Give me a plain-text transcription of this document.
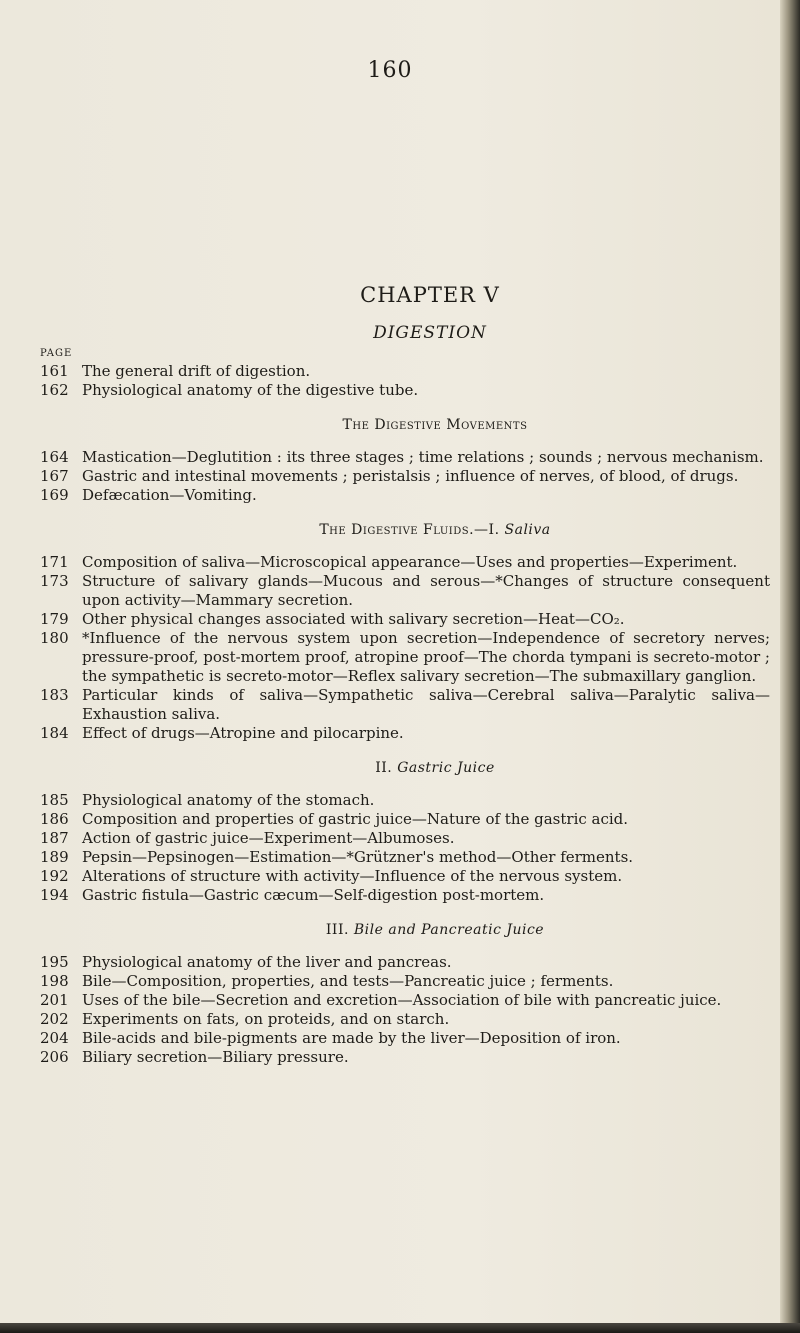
160
CHAPTER V
DIGESTION
PAGE
161 The general drift of digestion.
162 Physiological anatomy of the digestive tube.
The Digestive Movements
164 Mastication—Deglutition : its three stages ; time relations ; sounds ; nervous mechanism.
167 Gastric and intestinal movements ; peristalsis ; influence of nerves, of blood, of drugs.
169 Defæcation—Vomiting.
The Digestive Fluids.—I. Saliva
171 Composition of saliva—Microscopical appearance—Uses and properties—Experiment.
173 Structure of salivary glands—Mucous and serous—*Changes of structure consequent upon activity—Mammary secretion.
179 Other physical changes associated with salivary secretion—Heat—CO₂.
180 *Influence of the nervous system upon secretion—Independence of secretory nerves; pressure-proof, post-mortem proof, atropine proof—The chorda tympani is secreto-motor ; the sympathetic is secreto-motor—Reflex salivary secretion—The submaxillary ganglion.
183 Particular kinds of saliva—Sympathetic saliva—Cerebral saliva—Paralytic saliva—Exhaustion saliva.
184 Effect of drugs—Atropine and pilocarpine.
II. Gastric Juice
185 Physiological anatomy of the stomach.
186 Composition and properties of gastric juice—Nature of the gastric acid.
187 Action of gastric juice—Experiment—Albumoses.
189 Pepsin—Pepsinogen—Estimation—*Grützner's method—Other ferments.
192 Alterations of structure with activity—Influence of the nervous system.
194 Gastric fistula—Gastric cæcum—Self-digestion post-mortem.
III. Bile and Pancreatic Juice
195 Physiological anatomy of the liver and pancreas.
198 Bile—Composition, properties, and tests—Pancreatic juice ; ferments.
201 Uses of the bile—Secretion and excretion—Association of bile with pancreatic juice.
202 Experiments on fats, on proteids, and on starch.
204 Bile-acids and bile-pigments are made by the liver—Deposition of iron.
206 Biliary secretion—Biliary pressure.
